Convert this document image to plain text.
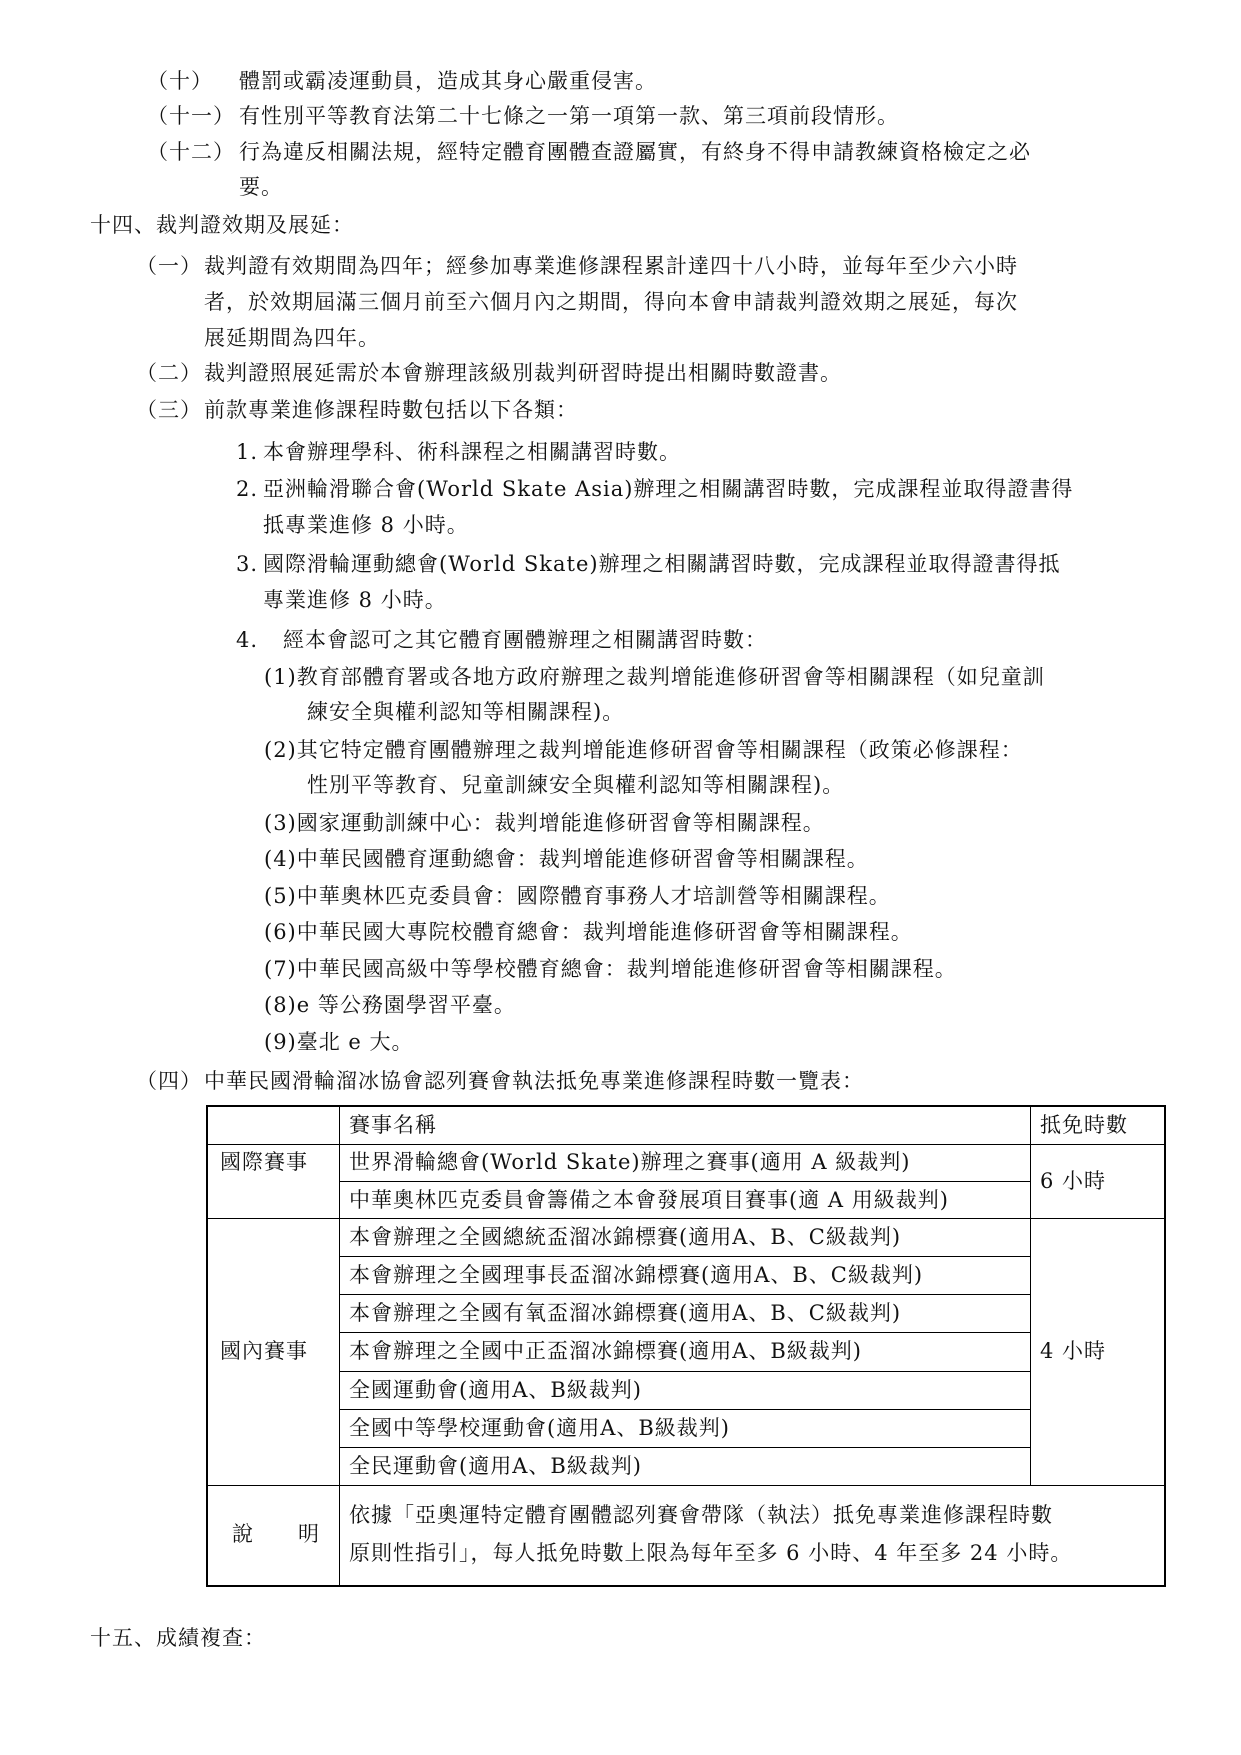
（十） 體罰或霸凌運動員，造成其身心嚴重侵害。
（十一） 有性別平等教育法第二十七條之一第一項第一款、第三項前段情形。
（十二） 行為違反相關法規，經特定體育團體查證屬實，有終身不得申請教練資格檢定之必
要。
十四、裁判證效期及展延：
（一） 裁判證有效期間為四年；經參加專業進修課程累計達四十八小時，並每年至少六小時
者，於效期屆滿三個月前至六個月內之期間，得向本會申請裁判證效期之展延，每次
展延期間為四年。
（二） 裁判證照展延需於本會辦理該級別裁判研習時提出相關時數證書。
（三） 前款專業進修課程時數包括以下各類：
1. 本會辦理學科、術科課程之相關講習時數。
2. 亞洲輪滑聯合會(World Skate Asia)辦理之相關講習時數，完成課程並取得證書得
抵專業進修 8 小時。
3. 國際滑輪運動總會(World Skate)辦理之相關講習時數，完成課程並取得證書得抵
專業進修 8 小時。
4. 經本會認可之其它體育團體辦理之相關講習時數：
(1)教育部體育署或各地方政府辦理之裁判增能進修研習會等相關課程（如兒童訓
練安全與權利認知等相關課程)。
(2)其它特定體育團體辦理之裁判增能進修研習會等相關課程（政策必修課程：
性別平等教育、兒童訓練安全與權利認知等相關課程)。
(3)國家運動訓練中心：裁判增能進修研習會等相關課程。
(4)中華民國體育運動總會：裁判增能進修研習會等相關課程。
(5)中華奧林匹克委員會：國際體育事務人才培訓營等相關課程。
(6)中華民國大專院校體育總會：裁判增能進修研習會等相關課程。
(7)中華民國高級中等學校體育總會：裁判增能進修研習會等相關課程。
(8)e 等公務園學習平臺。
(9)臺北 e 大。
（四） 中華民國滑輪溜冰協會認列賽會執法抵免專業進修課程時數一覽表：
賽事名稱	抵免時數
國際賽事 世界滑輪總會(World Skate)辦理之賽事(適用 A 級裁判)
中華奧林匹克委員會籌備之本會發展項目賽事(適 A 用級裁判)
6 小時
國內賽事
本會辦理之全國總統盃溜冰錦標賽(適用A、B、C級裁判)
本會辦理之全國理事長盃溜冰錦標賽(適用A、B、C級裁判)
本會辦理之全國有氧盃溜冰錦標賽(適用A、B、C級裁判)
本會辦理之全國中正盃溜冰錦標賽(適用A、B級裁判)
全國運動會(適用A、B級裁判)
全國中等學校運動會(適用A、B級裁判)
全民運動會(適用A、B級裁判)
4 小時
說　　明
依據「亞奧運特定體育團體認列賽會帶隊（執法）抵免專業進修課程時數
原則性指引」，每人抵免時數上限為每年至多 6 小時、4 年至多 24 小時。
十五、成績複查：
